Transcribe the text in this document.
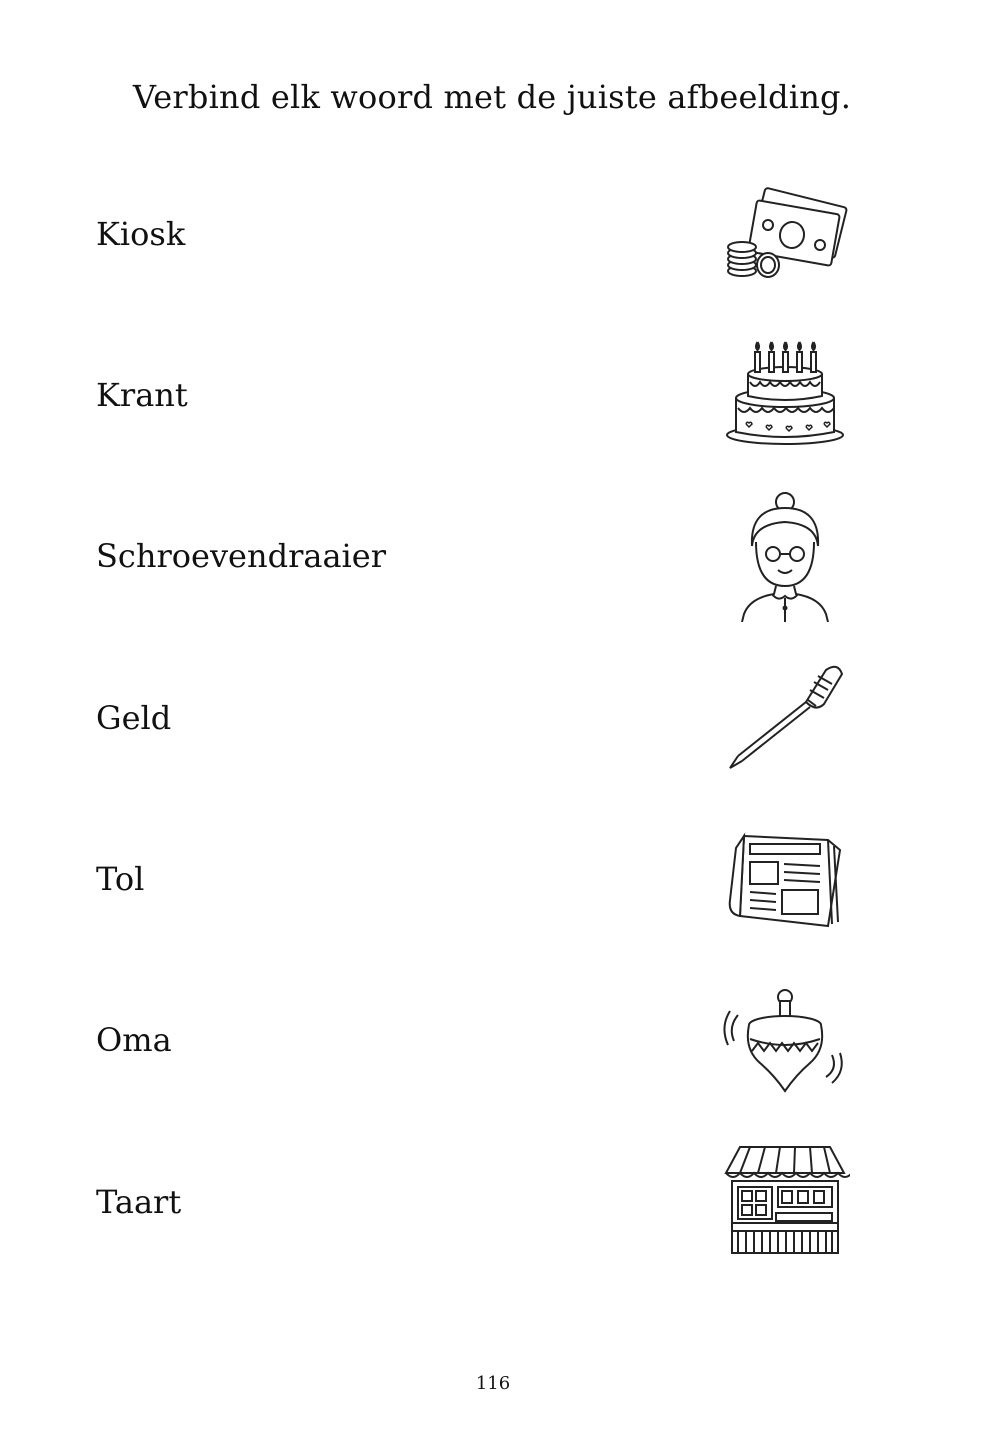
Verbind elk woord met de juiste afbeelding.
Kiosk
Krant
Schroevendraaier
Geld
Tol
Oma
Taart
116
